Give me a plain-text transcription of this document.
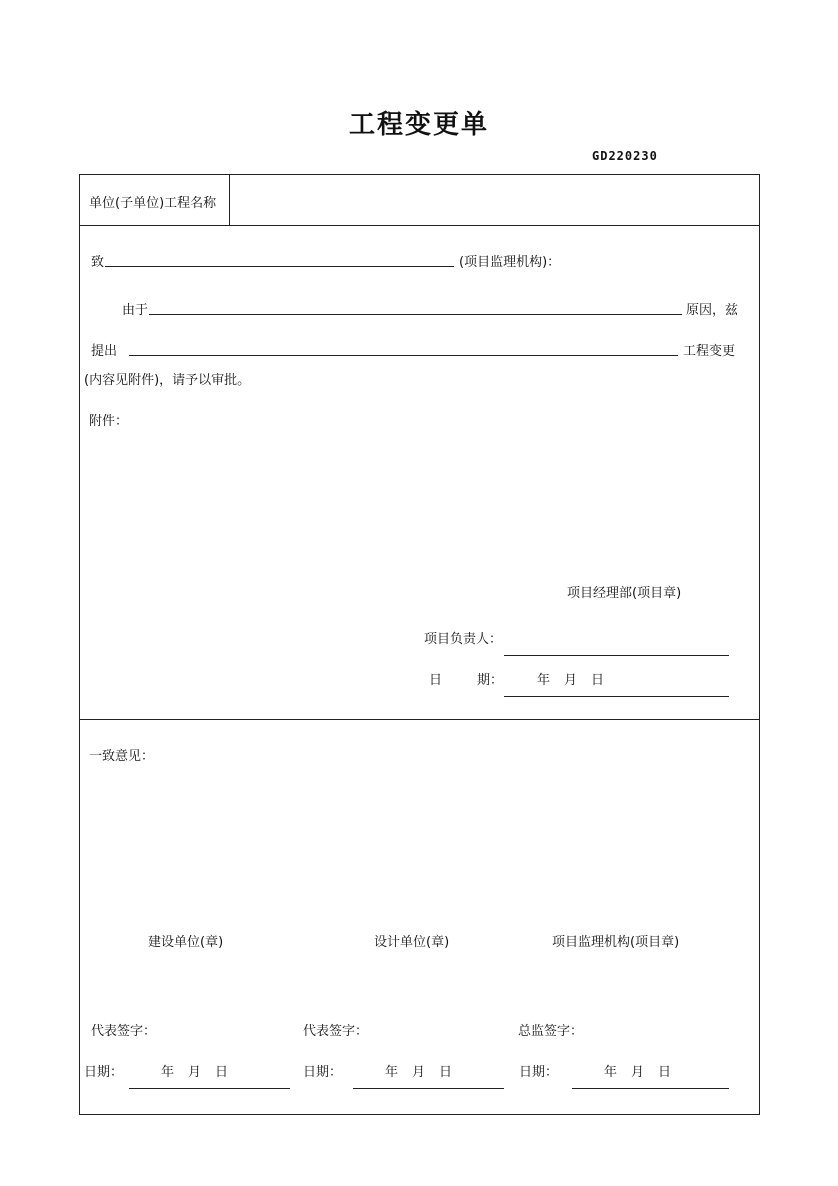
工程变更单
GD220230
单位(子单位)工程名称
致	(项目监理机构)：
由于	原因，兹
提出	工程变更
(内容见附件)，请予以审批。
附件：
项目经理部(项目章)
项目负责人：
日	期：	年 月 日
一致意见：
建设单位(章)
代表签字：
日期：	年 月 日
设计单位(章)
代表签字：
日期：	年 月 日
项目监理机构(项目章)
总监签字：
日期：	年 月 日
